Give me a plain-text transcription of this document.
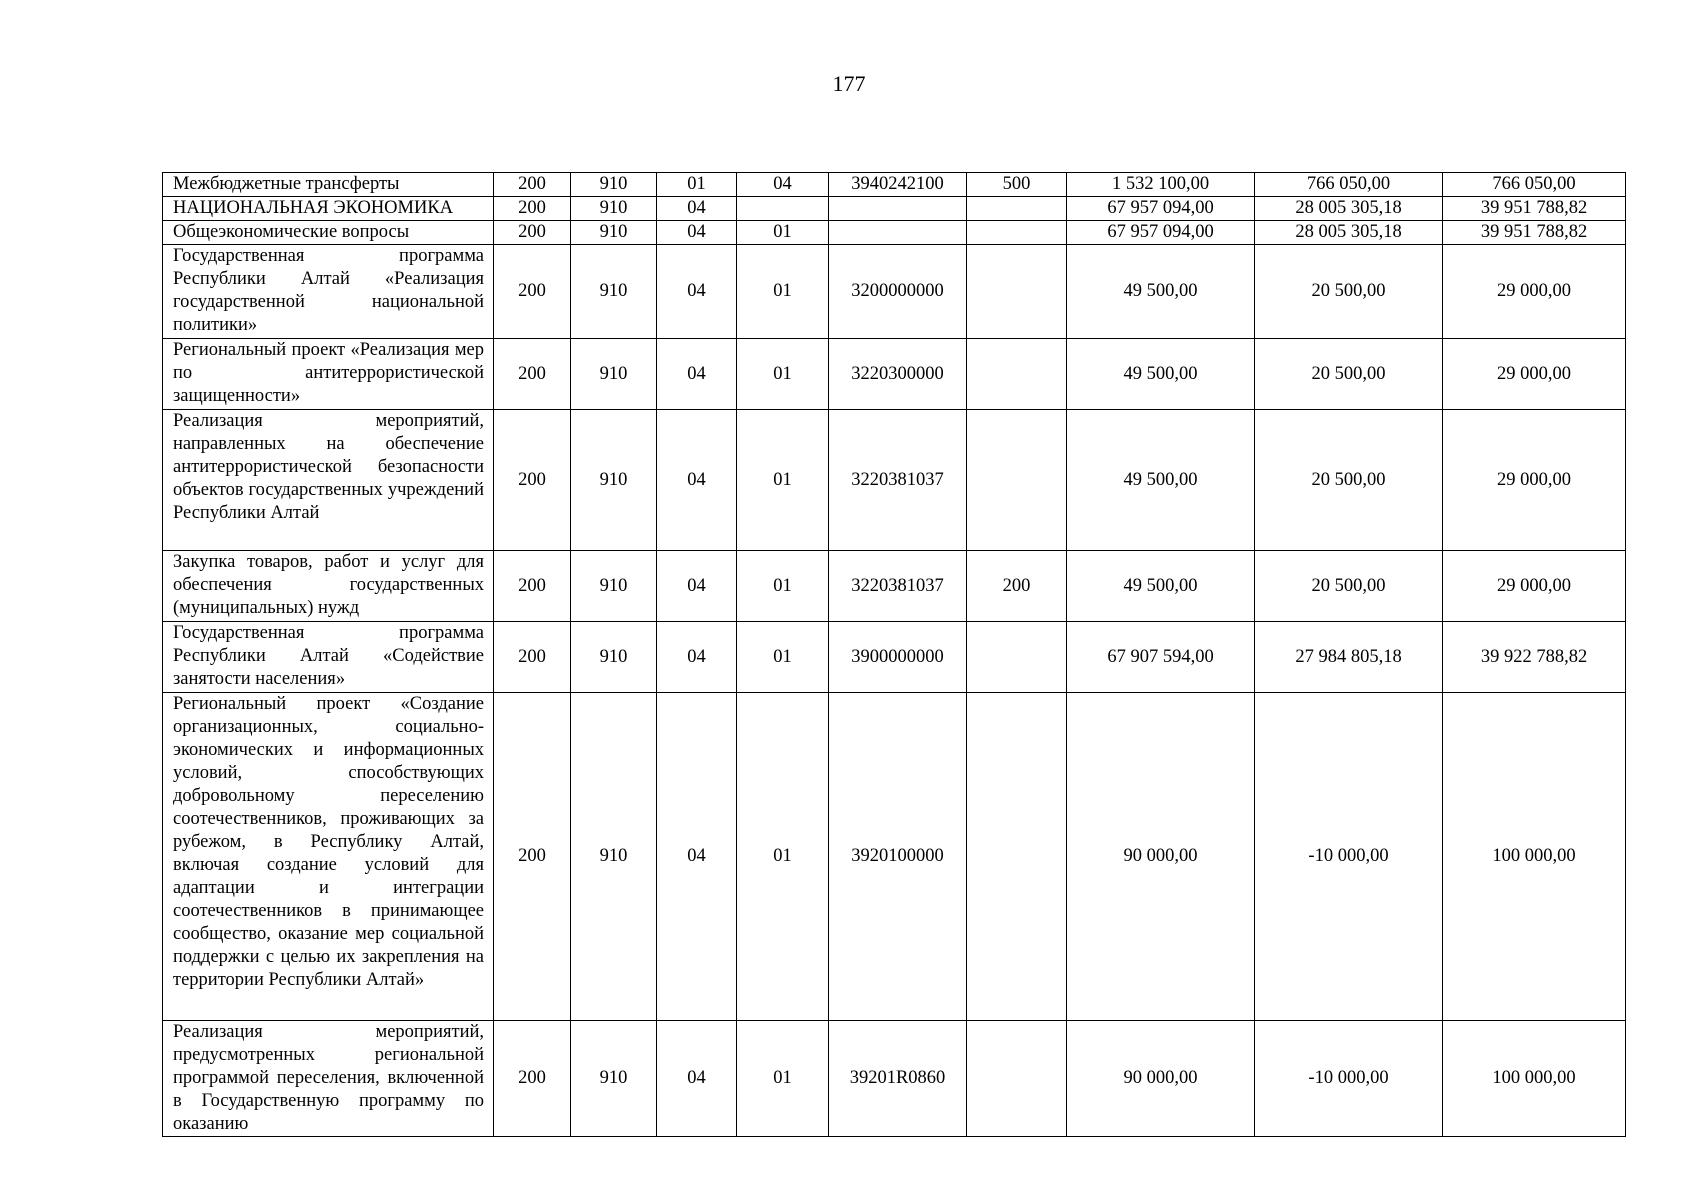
177
Межбюджетные трансферты	200	910	01	04	3940242100	500	1 532 100,00	766 050,00	766 050,00
НАЦИОНАЛЬНАЯ ЭКОНОМИКА	200	910	04				67 957 094,00	28 005 305,18	39 951 788,82
Общеэкономические вопросы	200	910	04	01			67 957 094,00	28 005 305,18	39 951 788,82
Государственная программа Республики Алтай «Реализация государственной национальной политики»	200	910	04	01	3200000000		49 500,00	20 500,00	29 000,00
Региональный проект «Реализация мер по антитеррористической защищенности»	200	910	04	01	3220300000		49 500,00	20 500,00	29 000,00
Реализация мероприятий, направленных на обеспечение антитеррористической безопасности объектов государственных учреждений Республики Алтай	200	910	04	01	3220381037		49 500,00	20 500,00	29 000,00
Закупка товаров, работ и услуг для обеспечения государственных (муниципальных) нужд	200	910	04	01	3220381037	200	49 500,00	20 500,00	29 000,00
Государственная программа Республики Алтай «Содействие занятости населения»	200	910	04	01	3900000000		67 907 594,00	27 984 805,18	39 922 788,82
Региональный проект «Создание организационных, социально-экономических и информационных условий, способствующих добровольному переселению соотечественников, проживающих за рубежом, в Республику Алтай, включая создание условий для адаптации и интеграции соотечественников в принимающее сообщество, оказание мер социальной поддержки с целью их закрепления на территории Республики Алтай»	200	910	04	01	3920100000		90 000,00	-10 000,00	100 000,00
Реализация мероприятий, предусмотренных региональной программой переселения, включенной в Государственную программу по оказанию	200	910	04	01	39201R0860		90 000,00	-10 000,00	100 000,00
